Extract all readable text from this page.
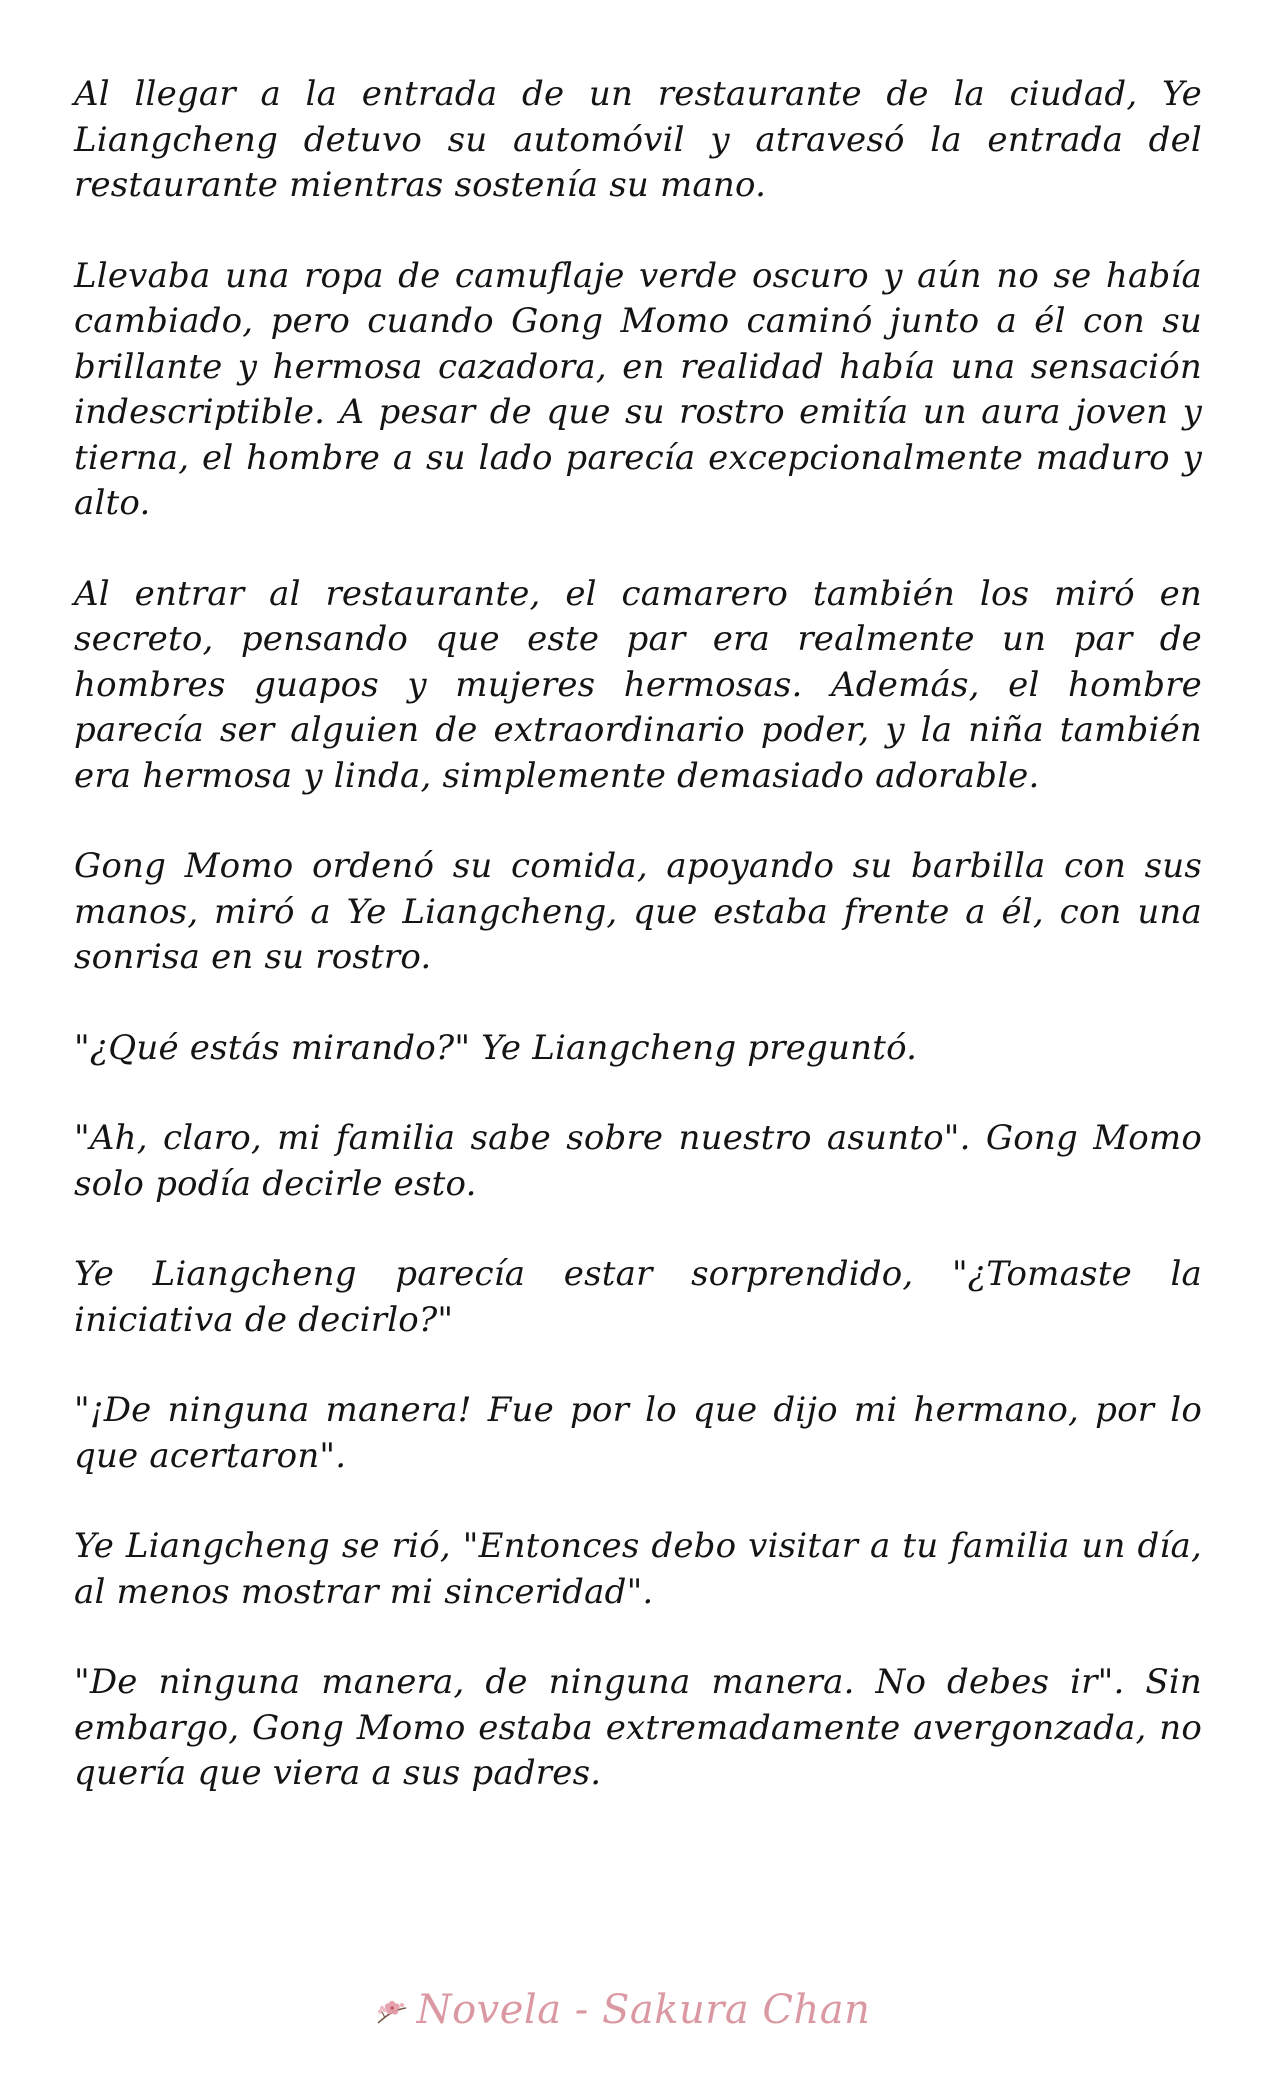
Al llegar a la entrada de un restaurante de la ciudad, Ye Liangcheng detuvo su automóvil y atravesó la entrada del restaurante mientras sostenía su mano.

Llevaba una ropa de camuflaje verde oscuro y aún no se había cambiado, pero cuando Gong Momo caminó junto a él con su brillante y hermosa cazadora, en realidad había una sensación indescriptible. A pesar de que su rostro emitía un aura joven y tierna, el hombre a su lado parecía excepcionalmente maduro y alto.

Al entrar al restaurante, el camarero también los miró en secreto, pensando que este par era realmente un par de hombres guapos y mujeres hermosas. Además, el hombre parecía ser alguien de extraordinario poder, y la niña también era hermosa y linda, simplemente demasiado adorable.

Gong Momo ordenó su comida, apoyando su barbilla con sus manos, miró a Ye Liangcheng, que estaba frente a él, con una sonrisa en su rostro.

"¿Qué estás mirando?" Ye Liangcheng preguntó.

"Ah, claro, mi familia sabe sobre nuestro asunto". Gong Momo solo podía decirle esto.

Ye Liangcheng parecía estar sorprendido, "¿Tomaste la iniciativa de decirlo?"

"¡De ninguna manera! Fue por lo que dijo mi hermano, por lo que acertaron".

Ye Liangcheng se rió, "Entonces debo visitar a tu familia un día, al menos mostrar mi sinceridad".

"De ninguna manera, de ninguna manera. No debes ir". Sin embargo, Gong Momo estaba extremadamente avergonzada, no quería que viera a sus padres.

Novela - Sakura Chan
